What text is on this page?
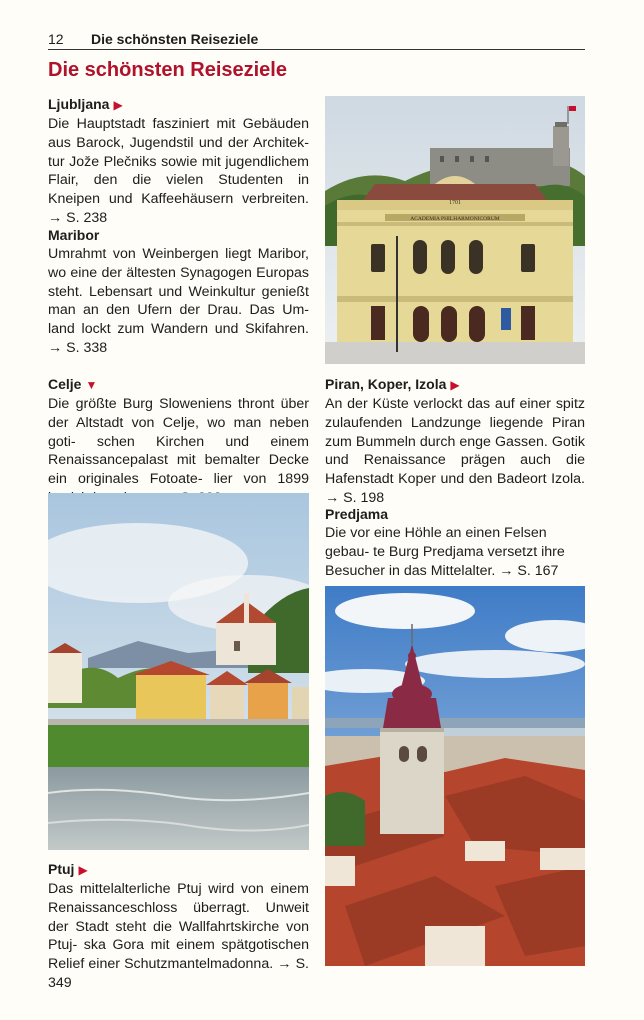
12 Die schönsten Reiseziele
Die schönsten Reiseziele
Ljubljana ▶

Die Hauptstadt fasziniert mit Gebäuden aus Barock, Jugendstil und der Architek- tur Jože Plečniks sowie mit jugendlichem Flair, den die vielen Studenten in Kneipen und Kaffeehäusern verbreiten. → S. 238

Maribor

Umrahmt von Weinbergen liegt Maribor, wo eine der ältesten Synagogen Europas steht. Lebensart und Weinkultur genießt man an den Ufern der Drau. Das Um- land lockt zum Wandern und Skifahren. → S. 338

Celje ▼

Die größte Burg Sloweniens thront über der Altstadt von Celje, wo man neben goti- schen Kirchen und einem Renaissancepalast mit bemalter Decke ein originales Fotoate- lier von 1899

Ptuj ▶

Das mittelalterliche Ptuj wird von einem Renaissanceschloss überragt. Unweit der Stadt steht die Wallfahrtskirche von Ptuj- ska Gora mit einem spätgotischen Relief einer Schutzmantelmadonna. → S. 349

Piran, Koper, Izola ▶

An der Küste verlockt das auf einer spitz zulaufenden Landzunge liegende Piran zum Bummeln durch enge Gassen. Gotik und Renaissance prägen auch die Hafenstadt Koper und den Badeort Izola. → S. 198

Predjama

Die vor eine Höhle an einen Felsen gebau- te Burg Predjama versetzt ihre Besucher in das Mittelalter. → S. 167

1701
ACADEMIA PHILHARMONICORUM
